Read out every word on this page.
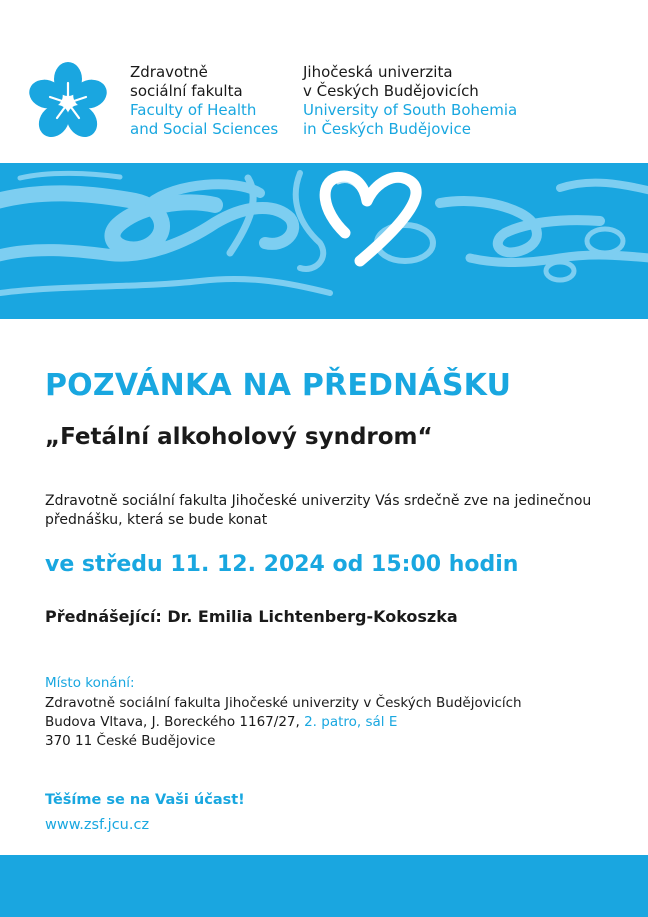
Zdravotně
sociální fakulta
Faculty of Health
and Social Sciences
Jihočeská univerzita
v Českých Budějovicích
University of South Bohemia
in Českých Budějovice
POZVÁNKA NA PŘEDNÁŠKU
„Fetální alkoholový syndrom“
Zdravotně sociální fakulta Jihočeské univerzity Vás srdečně zve na jedinečnou přednášku, která se bude konat
ve středu 11. 12. 2024 od 15:00 hodin
Přednášející: Dr. Emilia Lichtenberg-Kokoszka
Místo konání:
Zdravotně sociální fakulta Jihočeské univerzity v Českých Budějovicích
Budova Vltava, J. Boreckého 1167/27, 2. patro, sál E
370 11 České Budějovice
Těšíme se na Vaši účast!
www.zsf.jcu.cz
